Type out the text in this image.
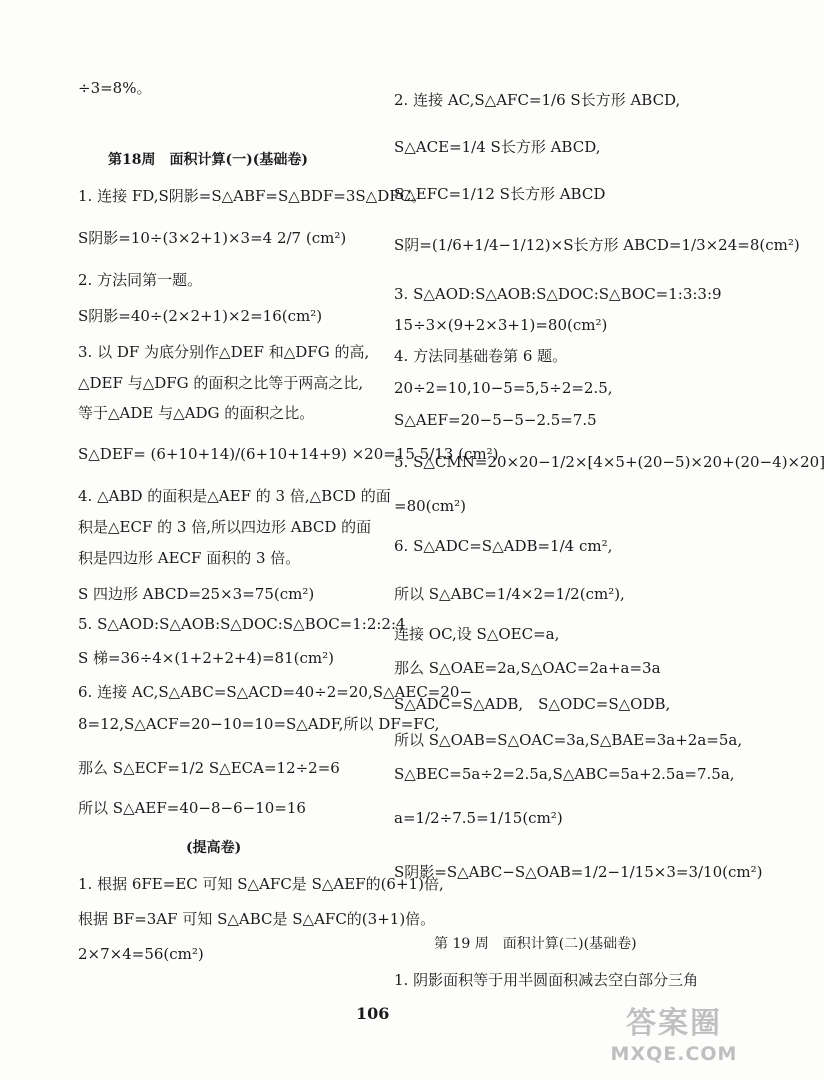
÷3=8%。
第18周　面积计算(一)(基础卷)
1. 连接 FD,S阴影=S△ABF=S△BDF=3S△DFC。
S阴影=10÷(3×2+1)×3=4 2/7 (cm²)
2. 方法同第一题。
S阴影=40÷(2×2+1)×2=16(cm²)
3. 以 DF 为底分别作△DEF 和△DFG 的高,
△DEF 与△DFG 的面积之比等于两高之比,
等于△ADE 与△ADG 的面积之比。
S△DEF= (6+10+14)/(6+10+14+9) ×20=15 5/13 (cm²)
4. △ABD 的面积是△AEF 的 3 倍,△BCD 的面
积是△ECF 的 3 倍,所以四边形 ABCD 的面
积是四边形 AECF 面积的 3 倍。
S 四边形 ABCD=25×3=75(cm²)
5. S△AOD:S△AOB:S△DOC:S△BOC=1:2:2:4
S 梯=36÷4×(1+2+2+4)=81(cm²)
6. 连接 AC,S△ABC=S△ACD=40÷2=20,S△AEC=20−
8=12,S△ACF=20−10=10=S△ADF,所以 DF=FC,
那么 S△ECF=1/2 S△ECA=12÷2=6
所以 S△AEF=40−8−6−10=16
(提高卷)
1. 根据 6FE=EC 可知 S△AFC是 S△AEF的(6+1)倍,
根据 BF=3AF 可知 S△ABC是 S△AFC的(3+1)倍。
2×7×4=56(cm²)
2. 连接 AC,S△AFC=1/6 S长方形 ABCD,
S△ACE=1/4 S长方形 ABCD,
S△EFC=1/12 S长方形 ABCD
S阴=(1/6+1/4−1/12)×S长方形 ABCD=1/3×24=8(cm²)
3. S△AOD:S△AOB:S△DOC:S△BOC=1:3:3:9
15÷3×(9+2×3+1)=80(cm²)
4. 方法同基础卷第 6 题。
20÷2=10,10−5=5,5÷2=2.5,
S△AEF=20−5−5−2.5=7.5
5. S△CMN=20×20−1/2×[4×5+(20−5)×20+(20−4)×20]
=80(cm²)
6. S△ADC=S△ADB=1/4 cm²,
所以 S△ABC=1/4×2=1/2(cm²),
连接 OC,设 S△OEC=a,
那么 S△OAE=2a,S△OAC=2a+a=3a
S△ADC=S△ADB,　S△ODC=S△ODB,
所以 S△OAB=S△OAC=3a,S△BAE=3a+2a=5a,
S△BEC=5a÷2=2.5a,S△ABC=5a+2.5a=7.5a,
a=1/2÷7.5=1/15(cm²)
S阴影=S△ABC−S△OAB=1/2−1/15×3=3/10(cm²)
第 19 周　面积计算(二)(基础卷)
1. 阴影面积等于用半圆面积减去空白部分三角
106	答案圈
MXQE.COM
